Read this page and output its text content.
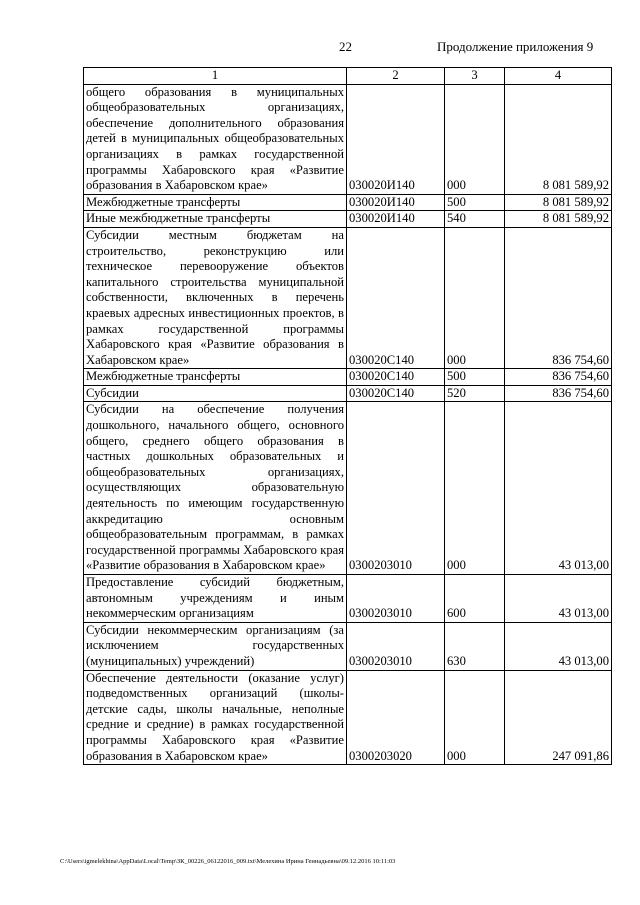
22	Продолжение приложения 9
1	2	3	4
общего образования в муниципальных общеобразовательных организациях, обеспечение дополнительного образования детей в муниципальных общеобразовательных организациях в рамках государственной программы Хабаровского края «Развитие образования в Хабаровском крае»	030020И140	000	8 081 589,92
Межбюджетные трансферты	030020И140	500	8 081 589,92
Иные межбюджетные трансферты	030020И140	540	8 081 589,92
Субсидии местным бюджетам на строительство, реконструкцию или техническое перевооружение объектов капитального строительства муниципальной собственности, включенных в перечень краевых адресных инвестиционных проектов, в рамках государственной программы Хабаровского края «Развитие образования в Хабаровском крае»	030020С140	000	836 754,60
Межбюджетные трансферты	030020С140	500	836 754,60
Субсидии	030020С140	520	836 754,60
Субсидии на обеспечение получения дошкольного, начального общего, основного общего, среднего общего образования в частных дошкольных образовательных и общеобразовательных организациях, осуществляющих образовательную деятельность по имеющим государственную аккредитацию основным общеобразовательным программам, в рамках государственной программы Хабаровского края «Развитие образования в Хабаровском крае»	0300203010	000	43 013,00
Предоставление субсидий бюджетным, автономным учреждениям и иным некоммерческим организациям	0300203010	600	43 013,00
Субсидии некоммерческим организациям (за исключением государственных (муниципальных) учреждений)	0300203010	630	43 013,00
Обеспечение деятельности (оказание услуг) подведомственных организаций (школы-детские сады, школы начальные, неполные средние и средние) в рамках государственной программы Хабаровского края «Развитие образования в Хабаровском крае»	0300203020	000	247 091,86
C:\Users\igmelekhina\AppData\Local\Temp\ЗК_00226_06122016_009.txt\Мелехина Ирина Геннадьевна\09.12.2016 10:11:03
